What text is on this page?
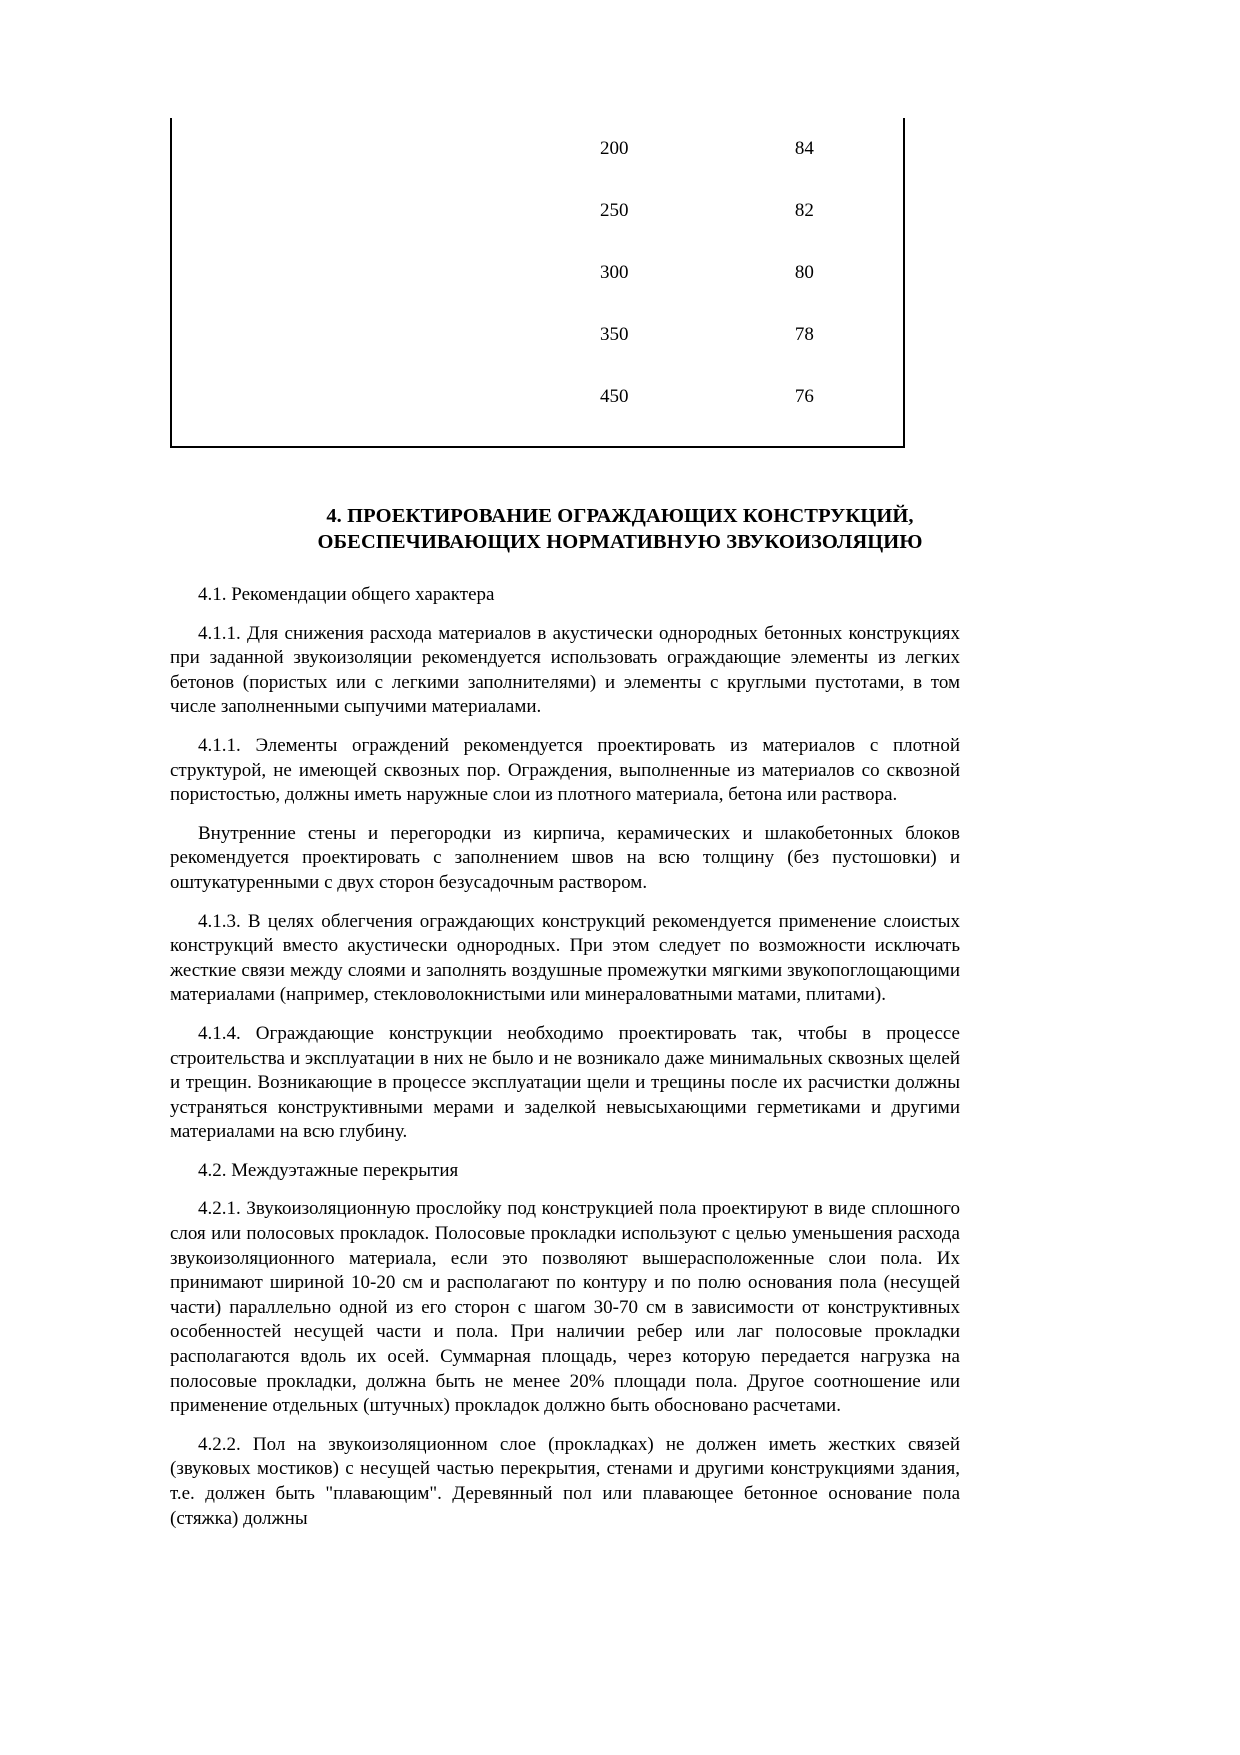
	200	84
	250	82
	300	80
	350	78
	450	76
4. ПРОЕКТИРОВАНИЕ ОГРАЖДАЮЩИХ КОНСТРУКЦИЙ,
ОБЕСПЕЧИВАЮЩИХ НОРМАТИВНУЮ ЗВУКОИЗОЛЯЦИЮ

4.1. Рекомендации общего характера

4.1.1. Для снижения расхода материалов в акустически однородных бетонных конструкциях при заданной звукоизоляции рекомендуется использовать ограждающие элементы из легких бетонов (пористых или с легкими заполнителями) и элементы с круглыми пустотами, в том числе заполненными сыпучими материалами.

4.1.1. Элементы ограждений рекомендуется проектировать из материалов с плотной структурой, не имеющей сквозных пор. Ограждения, выполненные из материалов со сквозной пористостью, должны иметь наружные слои из плотного материала, бетона или раствора.

Внутренние стены и перегородки из кирпича, керамических и шлакобетонных блоков рекомендуется проектировать с заполнением швов на всю толщину (без пустошовки) и оштукатуренными с двух сторон безусадочным раствором.

4.1.3. В целях облегчения ограждающих конструкций рекомендуется применение слоистых конструкций вместо акустически однородных. При этом следует по возможности исключать жесткие связи между слоями и заполнять воздушные промежутки мягкими звукопоглощающими материалами (например, стекловолокнистыми или минераловатными матами, плитами).

4.1.4. Ограждающие конструкции необходимо проектировать так, чтобы в процессе строительства и эксплуатации в них не было и не возникало даже минимальных сквозных щелей и трещин. Возникающие в процессе эксплуатации щели и трещины после их расчистки должны устраняться конструктивными мерами и заделкой невысыхающими герметиками и другими материалами на всю глубину.

4.2. Междуэтажные перекрытия

4.2.1. Звукоизоляционную прослойку под конструкцией пола проектируют в виде сплошного слоя или полосовых прокладок. Полосовые прокладки используют с целью уменьшения расхода звукоизоляционного материала, если это позволяют вышерасположенные слои пола. Их принимают шириной 10-20 см и располагают по контуру и по полю основания пола (несущей части) параллельно одной из его сторон с шагом 30-70 см в зависимости от конструктивных особенностей несущей части и пола. При наличии ребер или лаг полосовые прокладки располагаются вдоль их осей. Суммарная площадь, через которую передается нагрузка на полосовые прокладки, должна быть не менее 20% площади пола. Другое соотношение или применение отдельных (штучных) прокладок должно быть обосновано расчетами.

4.2.2. Пол на звукоизоляционном слое (прокладках) не должен иметь жестких связей (звуковых мостиков) с несущей частью перекрытия, стенами и другими конструкциями здания, т.е. должен быть "плавающим". Деревянный пол или плавающее бетонное основание пола (стяжка) должны
